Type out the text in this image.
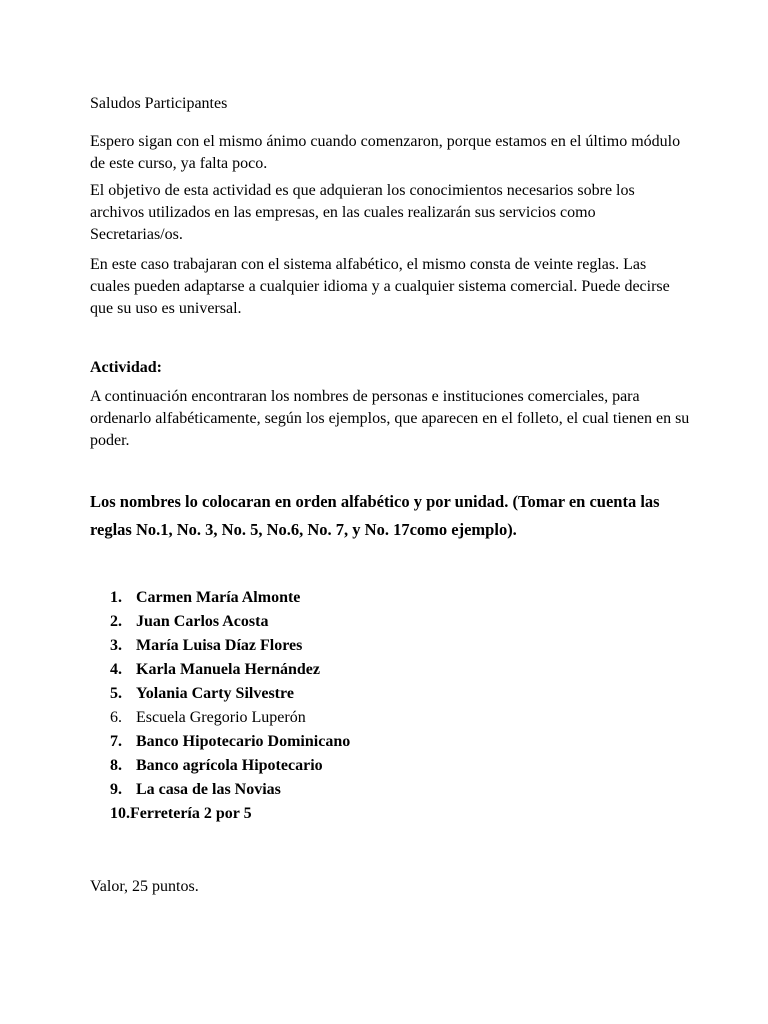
Saludos Participantes

Espero sigan con el mismo ánimo cuando comenzaron, porque estamos en el último módulo de este curso, ya falta poco.

El objetivo de esta actividad es que adquieran los conocimientos necesarios sobre los archivos utilizados en las empresas, en las cuales realizarán sus servicios como Secretarias/os.

En este caso trabajaran con el sistema alfabético, el mismo consta de veinte reglas. Las cuales pueden adaptarse a cualquier idioma y a cualquier sistema comercial. Puede decirse que su uso es universal.

Actividad:

A continuación encontraran los nombres de personas e instituciones comerciales, para ordenarlo alfabéticamente, según los ejemplos, que aparecen en el folleto, el cual tienen en su poder.

Los nombres lo colocaran en orden alfabético y por unidad. (Tomar en cuenta las reglas No.1, No. 3, No. 5, No.6, No. 7, y No. 17como ejemplo).

1. Carmen María Almonte
2. Juan Carlos Acosta
3. María Luisa Díaz Flores
4. Karla Manuela Hernández
5. Yolania Carty Silvestre
6. Escuela Gregorio Luperón
7. Banco Hipotecario Dominicano
8. Banco agrícola Hipotecario
9. La casa de las Novias
10.Ferretería 2 por 5

Valor, 25 puntos.
